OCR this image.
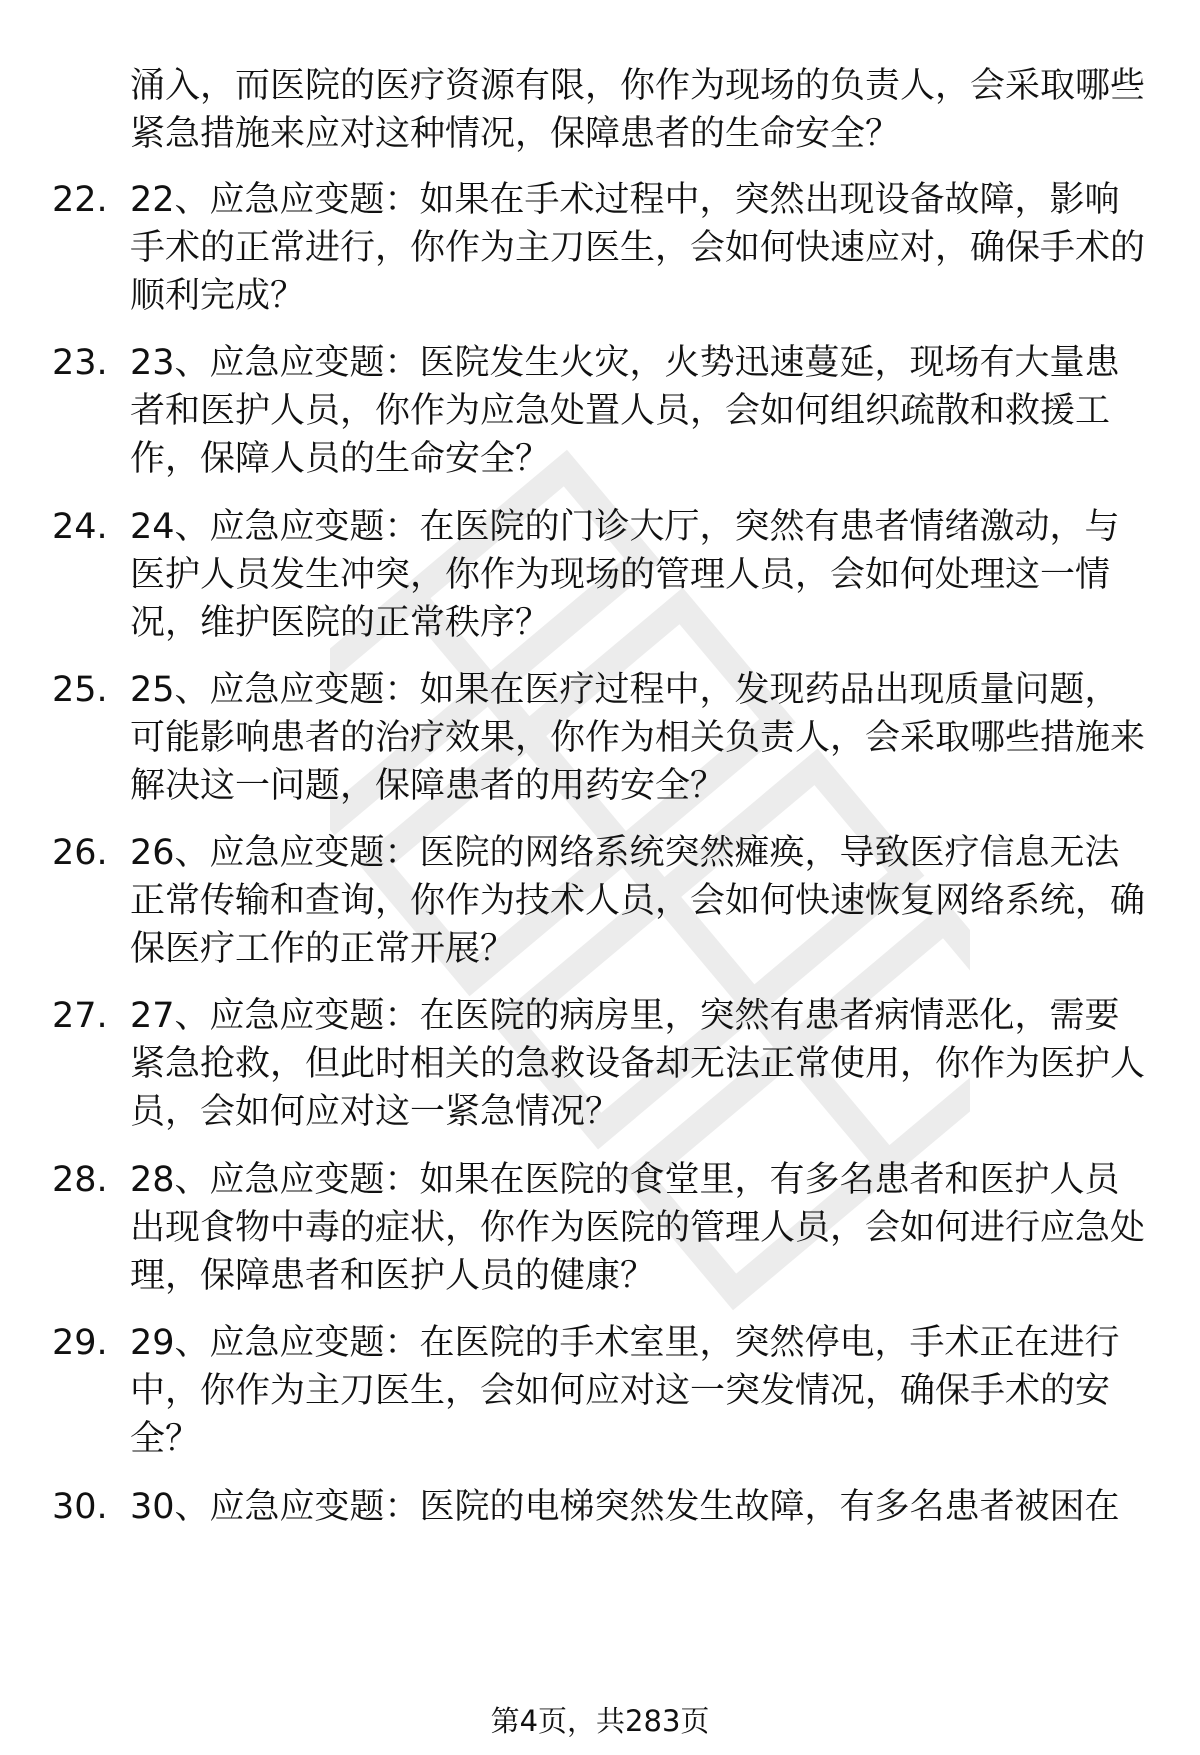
涌入，而医院的医疗资源有限，你作为现场的负责人，会采取哪些紧急措施来应对这种情况，保障患者的生命安全？
22. 22、应急应变题：如果在手术过程中，突然出现设备故障，影响手术的正常进行，你作为主刀医生，会如何快速应对，确保手术的顺利完成？
23. 23、应急应变题：医院发生火灾，火势迅速蔓延，现场有大量患者和医护人员，你作为应急处置人员，会如何组织疏散和救援工作，保障人员的生命安全？
24. 24、应急应变题：在医院的门诊大厅，突然有患者情绪激动，与医护人员发生冲突，你作为现场的管理人员，会如何处理这一情况，维护医院的正常秩序？
25. 25、应急应变题：如果在医疗过程中，发现药品出现质量问题，可能影响患者的治疗效果，你作为相关负责人，会采取哪些措施来解决这一问题，保障患者的用药安全？
26. 26、应急应变题：医院的网络系统突然瘫痪，导致医疗信息无法正常传输和查询，你作为技术人员，会如何快速恢复网络系统，确保医疗工作的正常开展？
27. 27、应急应变题：在医院的病房里，突然有患者病情恶化，需要紧急抢救，但此时相关的急救设备却无法正常使用，你作为医护人员，会如何应对这一紧急情况？
28. 28、应急应变题：如果在医院的食堂里，有多名患者和医护人员出现食物中毒的症状，你作为医院的管理人员，会如何进行应急处理，保障患者和医护人员的健康？
29. 29、应急应变题：在医院的手术室里，突然停电，手术正在进行中，你作为主刀医生，会如何应对这一突发情况，确保手术的安全？
30. 30、应急应变题：医院的电梯突然发生故障，有多名患者被困在
第4页，共283页
